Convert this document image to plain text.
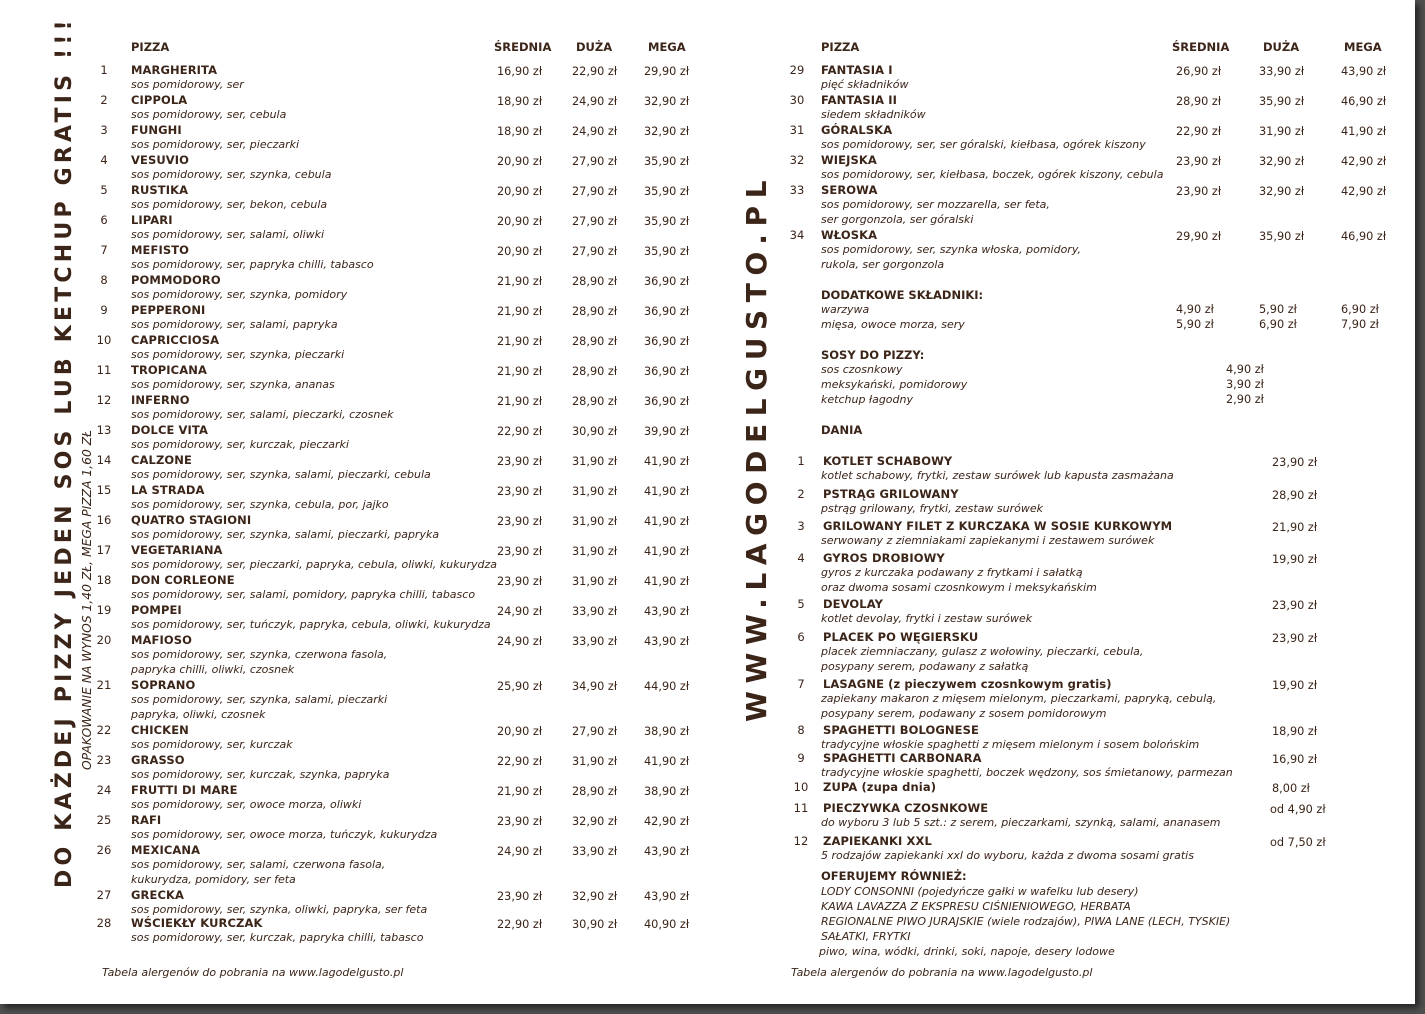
DO KAŻDEJ PIZZY JEDEN SOS LUB KETCHUP GRATIS !!! OPAKOWANIE NA WYNOS 1,40 ZŁ, MEGA PIZZA 1,60 ZŁ	WWW.LAGODELGUSTO.PL
PIZZA	ŚREDNIA DUŻA	MEGA
1	MARGHERITA	16,90 zł	22,90 zł 29,90 zł
sos pomidorowy, ser
2	CIPPOLA	18,90 zł	24,90 zł 32,90 zł
sos pomidorowy, ser, cebula
3	FUNGHI	18,90 zł	24,90 zł 32,90 zł
sos pomidorowy, ser, pieczarki
4	VESUVIO	20,90 zł	27,90 zł 35,90 zł
sos pomidorowy, ser, szynka, cebula
5	RUSTIKA	20,90 zł	27,90 zł 35,90 zł
sos pomidorowy, ser, bekon, cebula
6	LIPARI	20,90 zł	27,90 zł 35,90 zł
sos pomidorowy, ser, salami, oliwki
7	MEFISTO	20,90 zł	27,90 zł 35,90 zł
sos pomidorowy, ser, papryka chilli, tabasco
8	POMMODORO	21,90 zł	28,90 zł 36,90 zł
sos pomidorowy, ser, szynka, pomidory
9	PEPPERONI	21,90 zł	28,90 zł 36,90 zł
sos pomidorowy, ser, salami, papryka
10	CAPRICCIOSA	21,90 zł	28,90 zł 36,90 zł
sos pomidorowy, ser, szynka, pieczarki
11	TROPICANA	21,90 zł	28,90 zł 36,90 zł
sos pomidorowy, ser, szynka, ananas
12	INFERNO	21,90 zł	28,90 zł 36,90 zł
sos pomidorowy, ser, salami, pieczarki, czosnek
13	DOLCE VITA	22,90 zł	30,90 zł 39,90 zł
sos pomidorowy, ser, kurczak, pieczarki
14	CALZONE	23,90 zł	31,90 zł 41,90 zł
sos pomidorowy, ser, szynka, salami, pieczarki, cebula
15	LA STRADA	23,90 zł	31,90 zł 41,90 zł
sos pomidorowy, ser, szynka, cebula, por, jajko
16	QUATRO STAGIONI	23,90 zł	31,90 zł 41,90 zł
sos pomidorowy, ser, szynka, salami, pieczarki, papryka
17	VEGETARIANA	23,90 zł	31,90 zł 41,90 zł
sos pomidorowy, ser, pieczarki, papryka, cebula, oliwki, kukurydza
18	DON CORLEONE	23,90 zł	31,90 zł 41,90 zł
sos pomidorowy, ser, salami, pomidory, papryka chilli, tabasco
19	POMPEI	24,90 zł	33,90 zł 43,90 zł
sos pomidorowy, ser, tuńczyk, papryka, cebula, oliwki, kukurydza
20	MAFIOSO	24,90 zł	33,90 zł 43,90 zł
sos pomidorowy, ser, szynka, czerwona fasola,
papryka chilli, oliwki, czosnek
21	SOPRANO	25,90 zł	34,90 zł 44,90 zł
sos pomidorowy, ser, szynka, salami, pieczarki
papryka, oliwki, czosnek
22	CHICKEN	20,90 zł	27,90 zł 38,90 zł
sos pomidorowy, ser, kurczak
23	GRASSO	22,90 zł	31,90 zł 41,90 zł
sos pomidorowy, ser, kurczak, szynka, papryka
24	FRUTTI DI MARE	21,90 zł	28,90 zł 38,90 zł
sos pomidorowy, ser, owoce morza, oliwki
25	RAFI	23,90 zł	32,90 zł 42,90 zł
sos pomidorowy, ser, owoce morza, tuńczyk, kukurydza
26	MEXICANA	24,90 zł	33,90 zł 43,90 zł
sos pomidorowy, ser, salami, czerwona fasola,
kukurydza, pomidory, ser feta
27	GRECKA	23,90 zł	32,90 zł 43,90 zł
sos pomidorowy, ser, szynka, oliwki, papryka, ser feta
28	WŚCIEKŁY KURCZAK	22,90 zł	30,90 zł 40,90 zł
sos pomidorowy, ser, kurczak, papryka chilli, tabasco
Tabela alergenów do pobrania na www.lagodelgusto.pl
PIZZA	ŚREDNIA	DUŻA	MEGA
29	FANTASIA I	26,90 zł	33,90 zł	43,90 zł
pięć składników
30	FANTASIA II	28,90 zł	35,90 zł	46,90 zł
siedem składników
31	GÓRALSKA	22,90 zł	31,90 zł	41,90 zł
sos pomidorowy, ser, ser góralski, kiełbasa, ogórek kiszony
32	WIEJSKA	23,90 zł	32,90 zł	42,90 zł
sos pomidorowy, ser, kiełbasa, boczek, ogórek kiszony, cebula
33	SEROWA	23,90 zł	32,90 zł	42,90 zł
sos pomidorowy, ser mozzarella, ser feta,
ser gorgonzola, ser góralski
34	WŁOSKA	29,90 zł	35,90 zł	46,90 zł
sos pomidorowy, ser, szynka włoska, pomidory,
rukola, ser gorgonzola
DODATKOWE SKŁADNIKI:
warzywa	4,90 zł	5,90 zł	6,90 zł
mięsa, owoce morza, sery	5,90 zł	6,90 zł	7,90 zł
SOSY DO PIZZY:
sos czosnkowy	4,90 zł
meksykański, pomidorowy	3,90 zł
ketchup łagodny	2,90 zł
DANIA
1	KOTLET SCHABOWY	23,90 zł
kotlet schabowy, frytki, zestaw surówek lub kapusta zasmażana
2	PSTRĄG GRILOWANY	28,90 zł
pstrąg grilowany, frytki, zestaw surówek
3	GRILOWANY FILET Z KURCZAKA W SOSIE KURKOWYM	21,90 zł
serwowany z ziemniakami zapiekanymi i zestawem surówek
4	GYROS DROBIOWY	19,90 zł
gyros z kurczaka podawany z frytkami i sałatką
oraz dwoma sosami czosnkowym i meksykańskim
5	DEVOLAY	23,90 zł
kotlet devolay, frytki i zestaw surówek
6	PLACEK PO WĘGIERSKU	23,90 zł
placek ziemniaczany, gulasz z wołowiny, pieczarki, cebula,
posypany serem, podawany z sałatką
7	LASAGNE (z pieczywem czosnkowym gratis)	19,90 zł
zapiekany makaron z mięsem mielonym, pieczarkami, papryką, cebulą,
posypany serem, podawany z sosem pomidorowym
8	SPAGHETTI BOLOGNESE	18,90 zł
tradycyjne włoskie spaghetti z mięsem mielonym i sosem bolońskim
9	SPAGHETTI CARBONARA	16,90 zł
tradycyjne włoskie spaghetti, boczek wędzony, sos śmietanowy, parmezan
10	ZUPA (zupa dnia)	8,00 zł
11	PIECZYWKA CZOSNKOWE	od 4,90 zł
do wyboru 3 lub 5 szt.: z serem, pieczarkami, szynką, salami, ananasem
12	ZAPIEKANKI XXL	od 7,50 zł
5 rodzajów zapiekanki xxl do wyboru, każda z dwoma sosami gratis
OFERUJEMY RÓWNIEŻ:
LODY CONSONNI (pojedyńcze gałki w wafelku lub desery)
KAWA LAVAZZA Z EKSPRESU CIŚNIENIOWEGO, HERBATA
REGIONALNE PIWO JURAJSKIE (wiele rodzajów), PIWA LANE (LECH, TYSKIE)
SAŁATKI, FRYTKI
piwo, wina, wódki, drinki, soki, napoje, desery lodowe
Tabela alergenów do pobrania na www.lagodelgusto.pl
